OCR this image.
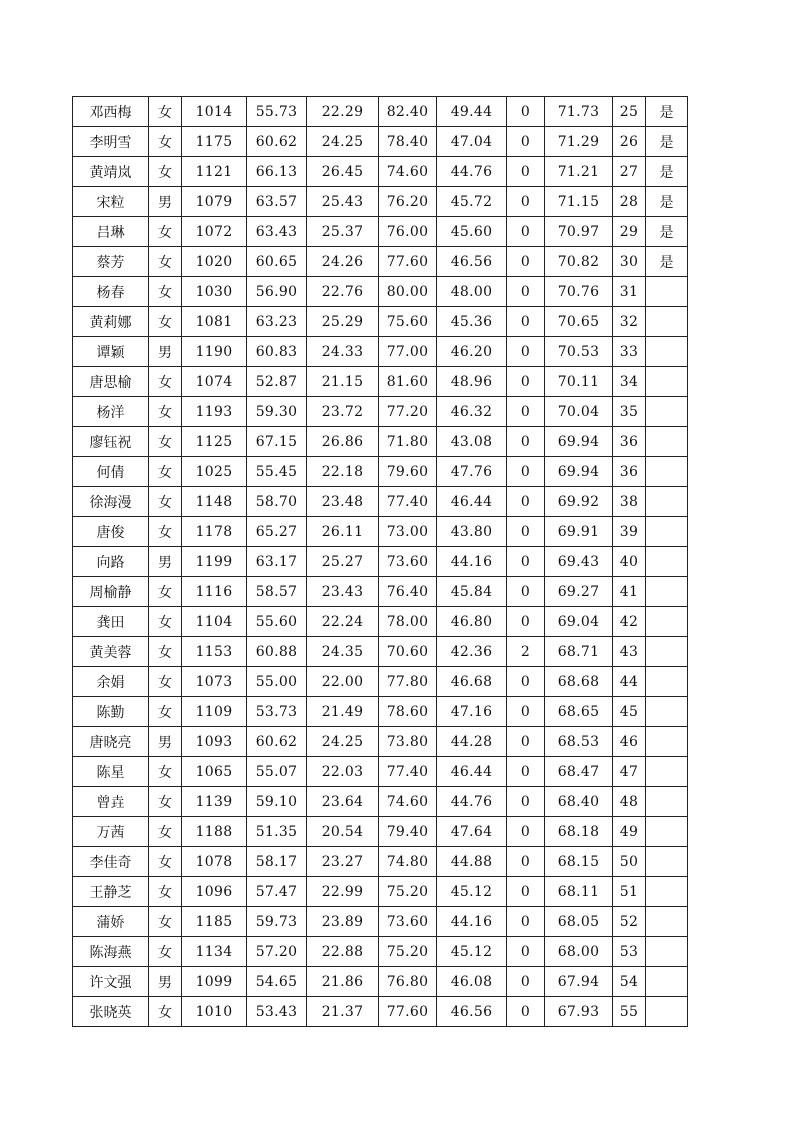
邓西梅	女	1014	55.73	22.29	82.40	49.44	0	71.73	25	是
李明雪	女	1175	60.62	24.25	78.40	47.04	0	71.29	26	是
黄靖岚	女	1121	66.13	26.45	74.60	44.76	0	71.21	27	是
宋粒	男	1079	63.57	25.43	76.20	45.72	0	71.15	28	是
吕琳	女	1072	63.43	25.37	76.00	45.60	0	70.97	29	是
蔡芳	女	1020	60.65	24.26	77.60	46.56	0	70.82	30	是
杨春	女	1030	56.90	22.76	80.00	48.00	0	70.76	31	
黄莉娜	女	1081	63.23	25.29	75.60	45.36	0	70.65	32	
谭颖	男	1190	60.83	24.33	77.00	46.20	0	70.53	33	
唐思榆	女	1074	52.87	21.15	81.60	48.96	0	70.11	34	
杨洋	女	1193	59.30	23.72	77.20	46.32	0	70.04	35	
廖钰祝	女	1125	67.15	26.86	71.80	43.08	0	69.94	36	
何倩	女	1025	55.45	22.18	79.60	47.76	0	69.94	36	
徐海漫	女	1148	58.70	23.48	77.40	46.44	0	69.92	38	
唐俊	女	1178	65.27	26.11	73.00	43.80	0	69.91	39	
向路	男	1199	63.17	25.27	73.60	44.16	0	69.43	40	
周榆静	女	1116	58.57	23.43	76.40	45.84	0	69.27	41	
龚田	女	1104	55.60	22.24	78.00	46.80	0	69.04	42	
黄美蓉	女	1153	60.88	24.35	70.60	42.36	2	68.71	43	
余娟	女	1073	55.00	22.00	77.80	46.68	0	68.68	44	
陈勤	女	1109	53.73	21.49	78.60	47.16	0	68.65	45	
唐晓亮	男	1093	60.62	24.25	73.80	44.28	0	68.53	46	
陈星	女	1065	55.07	22.03	77.40	46.44	0	68.47	47	
曾垚	女	1139	59.10	23.64	74.60	44.76	0	68.40	48	
万茜	女	1188	51.35	20.54	79.40	47.64	0	68.18	49	
李佳奇	女	1078	58.17	23.27	74.80	44.88	0	68.15	50	
王静芝	女	1096	57.47	22.99	75.20	45.12	0	68.11	51	
蒲娇	女	1185	59.73	23.89	73.60	44.16	0	68.05	52	
陈海燕	女	1134	57.20	22.88	75.20	45.12	0	68.00	53	
许文强	男	1099	54.65	21.86	76.80	46.08	0	67.94	54	
张晓英	女	1010	53.43	21.37	77.60	46.56	0	67.93	55	
